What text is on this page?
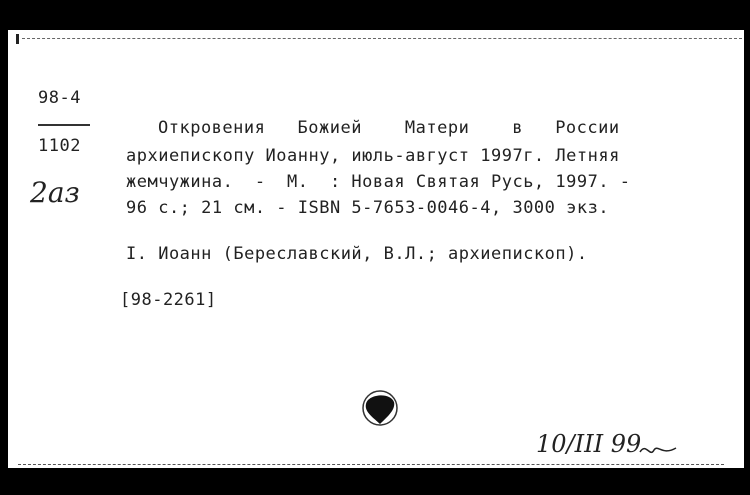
98-4
1102
2аз
Откровения   Божией    Матери    в   России
архиепископу Иоанну, июль-август 1997г. Летняя
жемчужина.  -  М.  : Новая Святая Русь, 1997. -
96 с.; 21 см. - ISBN 5-7653-0046-4, 3000 экз.
I. Иоанн (Береславский, В.Л.; архиепископ).
[98-2261]
10/III 99
